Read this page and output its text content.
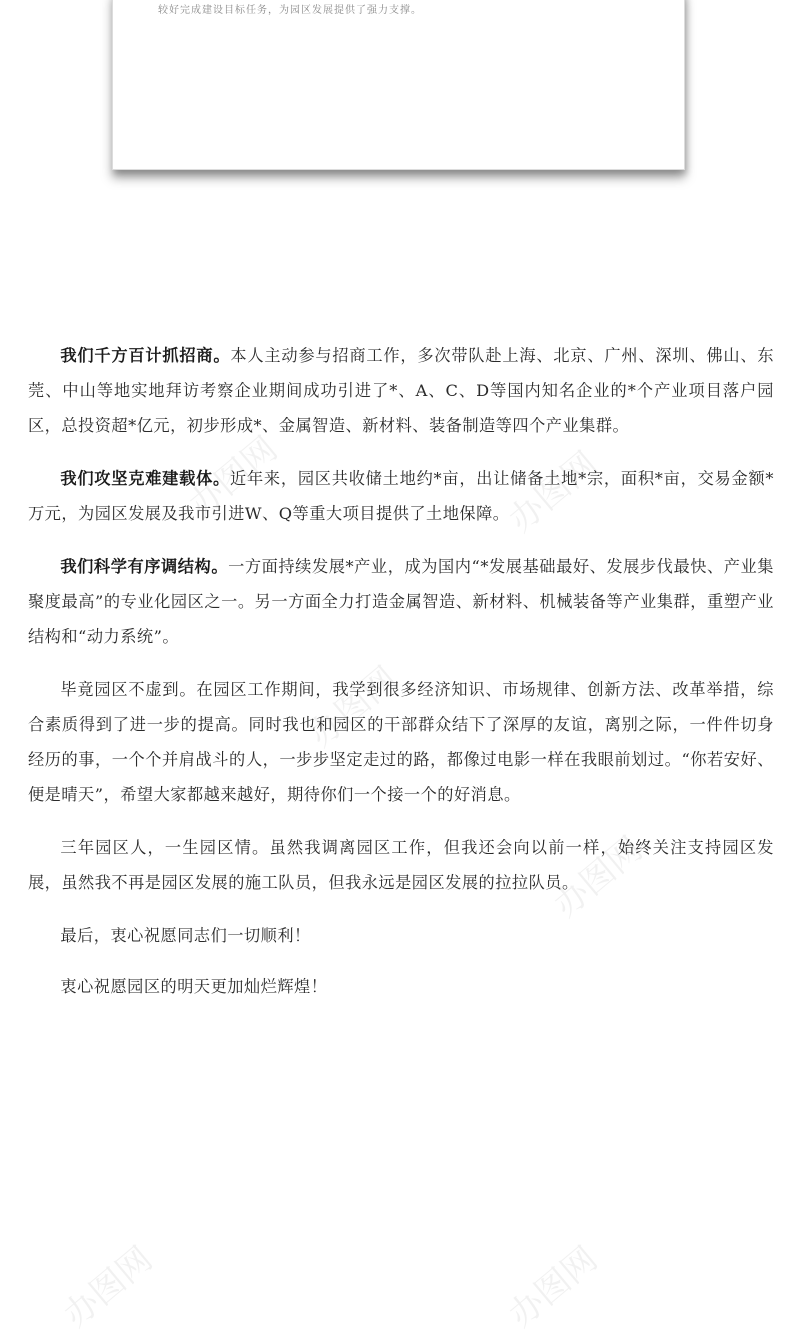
较好完成建设目标任务，为园区发展提供了强力支撑。
办图网	办图网
办图网
办图网
办图网
办图网

我们千方百计抓招商。本人主动参与招商工作，多次带队赴上海、北京、广州、深圳、佛山、东莞、中山等地实地拜访考察企业期间成功引进了*、A、C、D等国内知名企业的*个产业项目落户园区，总投资超*亿元，初步形成*、金属智造、新材料、装备制造等四个产业集群。

我们攻坚克难建载体。近年来，园区共收储土地约*亩，出让储备土地*宗，面积*亩，交易金额*万元，为园区发展及我市引进W、Q等重大项目提供了土地保障。

我们科学有序调结构。一方面持续发展*产业，成为国内“*发展基础最好、发展步伐最快、产业集聚度最高”的专业化园区之一。另一方面全力打造金属智造、新材料、机械装备等产业集群，重塑产业结构和“动力系统”。

毕竟园区不虚到。在园区工作期间，我学到很多经济知识、市场规律、创新方法、改革举措，综合素质得到了进一步的提高。同时我也和园区的干部群众结下了深厚的友谊，离别之际，一件件切身经历的事，一个个并肩战斗的人，一步步坚定走过的路，都像过电影一样在我眼前划过。“你若安好、便是晴天”，希望大家都越来越好，期待你们一个接一个的好消息。

三年园区人，一生园区情。虽然我调离园区工作，但我还会向以前一样，始终关注支持园区发展，虽然我不再是园区发展的施工队员，但我永远是园区发展的拉拉队员。

最后，衷心祝愿同志们一切顺利！

衷心祝愿园区的明天更加灿烂辉煌！
